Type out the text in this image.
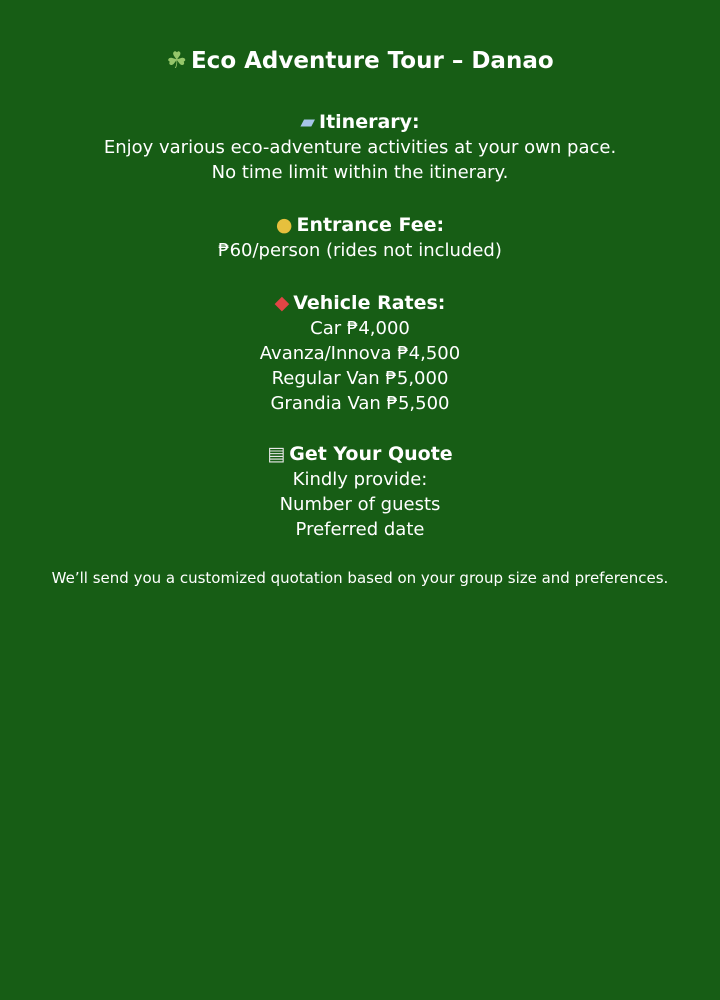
☘ Eco Adventure Tour – Danao
▰ Itinerary:
Enjoy various eco-adventure activities at your own pace.
No time limit within the itinerary.
● Entrance Fee:
₱60/person (rides not included)
◆ Vehicle Rates:
Car ₱4,000
Avanza/Innova ₱4,500
Regular Van ₱5,000
Grandia Van ₱5,500
▤ Get Your Quote
Kindly provide:
Number of guests
Preferred date
We’ll send you a customized quotation based on your group size and preferences.
